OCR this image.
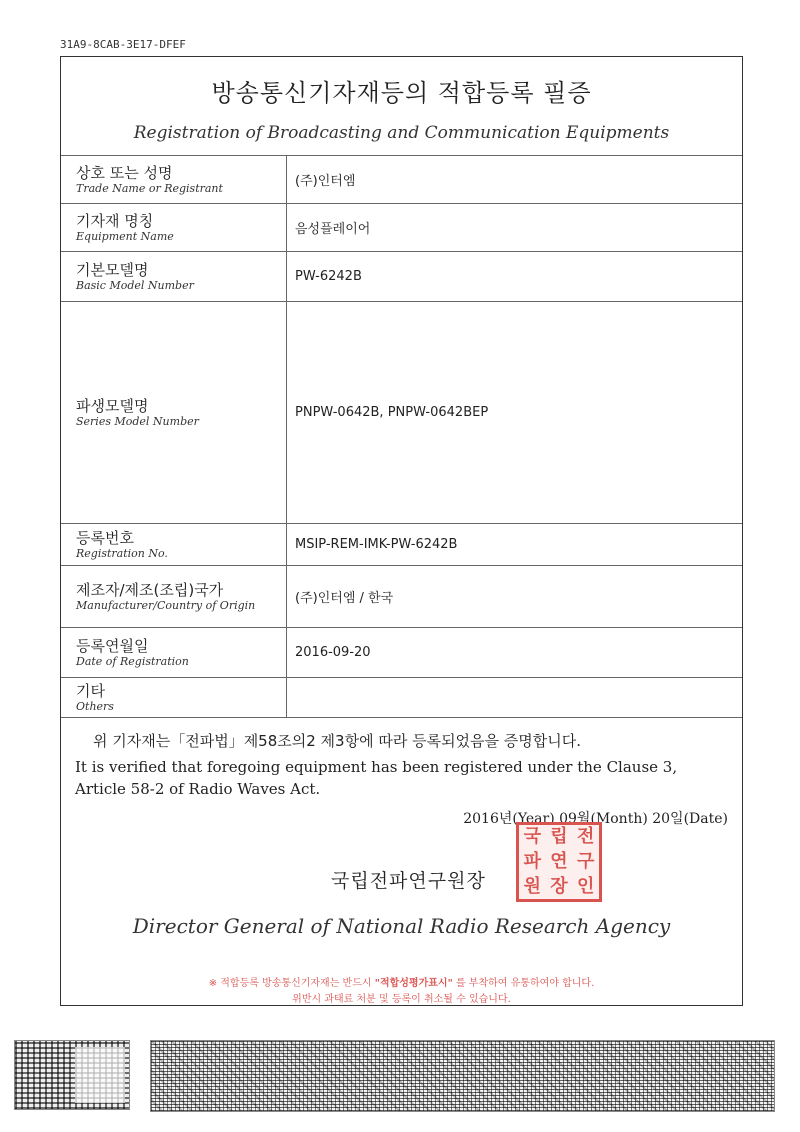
31A9-8CAB-3E17-DFEF
방송통신기자재등의 적합등록 필증
Registration of Broadcasting and Communication Equipments
상호 또는 성명
Trade Name or Registrant	(주)인터엠

기자재 명칭
Equipment Name	음성플레이어

기본모델명
Basic Model Number	PW-6242B

파생모델명
Series Model Number	PNPW-0642B, PNPW-0642BEP

등록번호
Registration No.	MSIP-REM-IMK-PW-6242B

제조자/제조(조립)국가
Manufacturer/Country of Origin	(주)인터엠 / 한국

등록연월일
Date of Registration	2016-09-20

기타
Others	

위 기자재는「전파법」제58조의2 제3항에 따라 등록되었음을 증명합니다.
It is verified that foregoing equipment has been registered under the Clause 3,
Article 58-2 of Radio Waves Act.
2016년(Year) 09월(Month) 20일(Date)
국 립 전
파 연 구
원 장 인
국립전파연구원장
Director General of National Radio Research Agency
※ 적합등록 방송통신기자재는 반드시 "적합성평가표시" 를 부착하여 유통하여야 합니다.
위반시 과태료 처분 및 등록이 취소될 수 있습니다.
